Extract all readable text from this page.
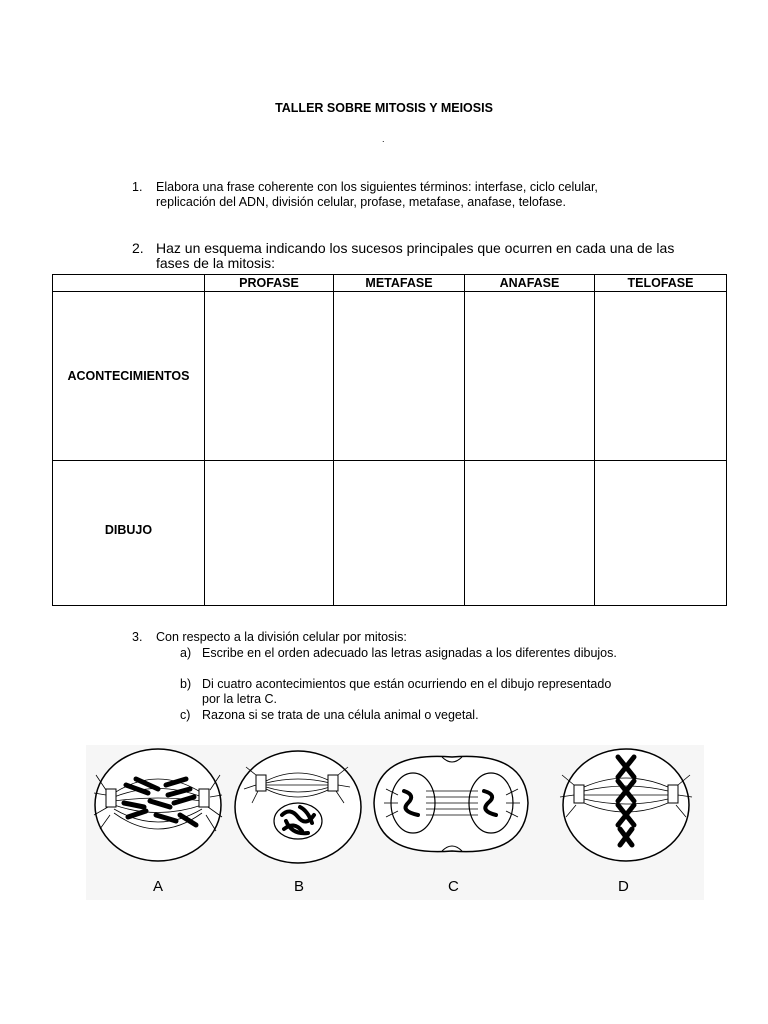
TALLER SOBRE MITOSIS Y MEIOSIS
.
1. Elabora una frase coherente con los siguientes términos: interfase, ciclo celular, replicación del ADN, división celular, profase, metafase, anafase, telofase.
2. Haz un esquema indicando los sucesos principales que ocurren en cada una de las fases de la mitosis:
	PROFASE	METAFASE	ANAFASE	TELOFASE
ACONTECIMIENTOS				
DIBUJO				
3. Con respecto a la división celular por mitosis:
a) Escribe en el orden adecuado las letras asignadas a los diferentes dibujos.
b) Di cuatro acontecimientos que están ocurriendo en el dibujo representado por la letra C.
c) Razona si se trata de una célula animal o vegetal.
A	B	C	D
